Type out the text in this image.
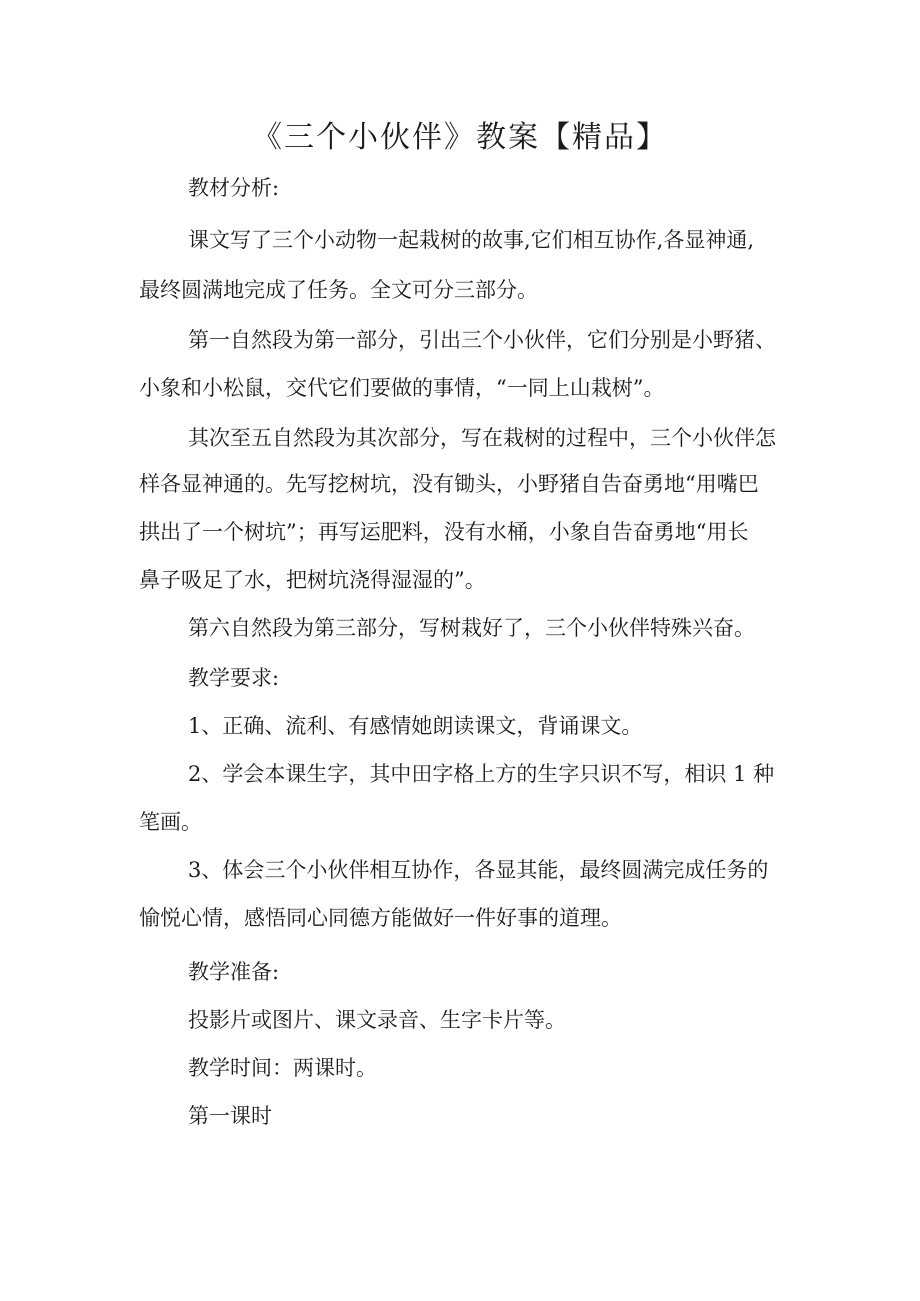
《三个小伙伴》教案【精品】
教材分析:
课文写了三个小动物一起栽树的故事,它们相互协作,各显神通,
最终圆满地完成了任务。全文可分三部分。
第一自然段为第一部分，引出三个小伙伴，它们分别是小野猪、
小象和小松鼠，交代它们要做的事情，“一同上山栽树”。
其次至五自然段为其次部分，写在栽树的过程中，三个小伙伴怎
样各显神通的。先写挖树坑，没有锄头，小野猪自告奋勇地“用嘴巴
拱出了一个树坑”；再写运肥料，没有水桶，小象自告奋勇地“用长
鼻子吸足了水，把树坑浇得湿湿的”。
第六自然段为第三部分，写树栽好了，三个小伙伴特殊兴奋。
教学要求:
1、正确、流利、有感情她朗读课文，背诵课文。
2、学会本课生字，其中田字格上方的生字只识不写，相识 1 种
笔画。
3、体会三个小伙伴相互协作，各显其能，最终圆满完成任务的
愉悦心情，感悟同心同德方能做好一件好事的道理。
教学准备:
投影片或图片、课文录音、生字卡片等。
教学时间：两课时。
第一课时
